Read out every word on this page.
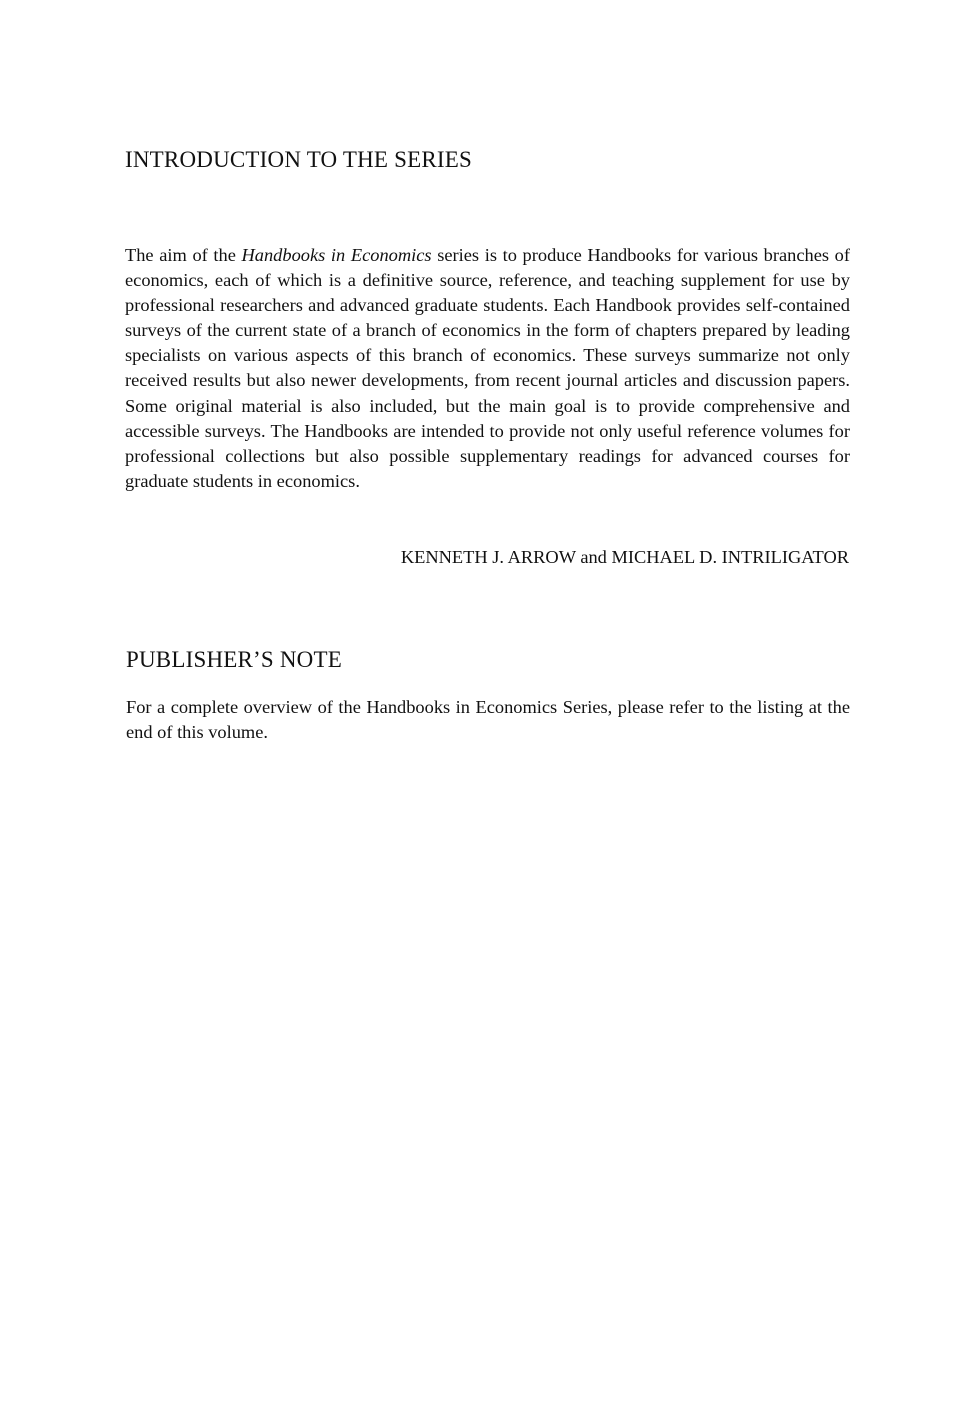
INTRODUCTION TO THE SERIES

The aim of the Handbooks in Economics series is to produce Handbooks for various branches of economics, each of which is a definitive source, reference, and teaching supplement for use by professional researchers and advanced graduate students. Each Handbook provides self-contained surveys of the current state of a branch of economics in the form of chapters prepared by leading specialists on various aspects of this branch of economics. These surveys summarize not only received results but also newer developments, from recent journal articles and discussion papers. Some original material is also included, but the main goal is to provide comprehensive and accessible surveys. The Handbooks are intended to provide not only useful reference volumes for professional collections but also possible supplementary readings for advanced courses for graduate students in economics.

KENNETH J. ARROW and MICHAEL D. INTRILIGATOR

PUBLISHER’S NOTE

For a complete overview of the Handbooks in Economics Series, please refer to the listing at the end of this volume.
